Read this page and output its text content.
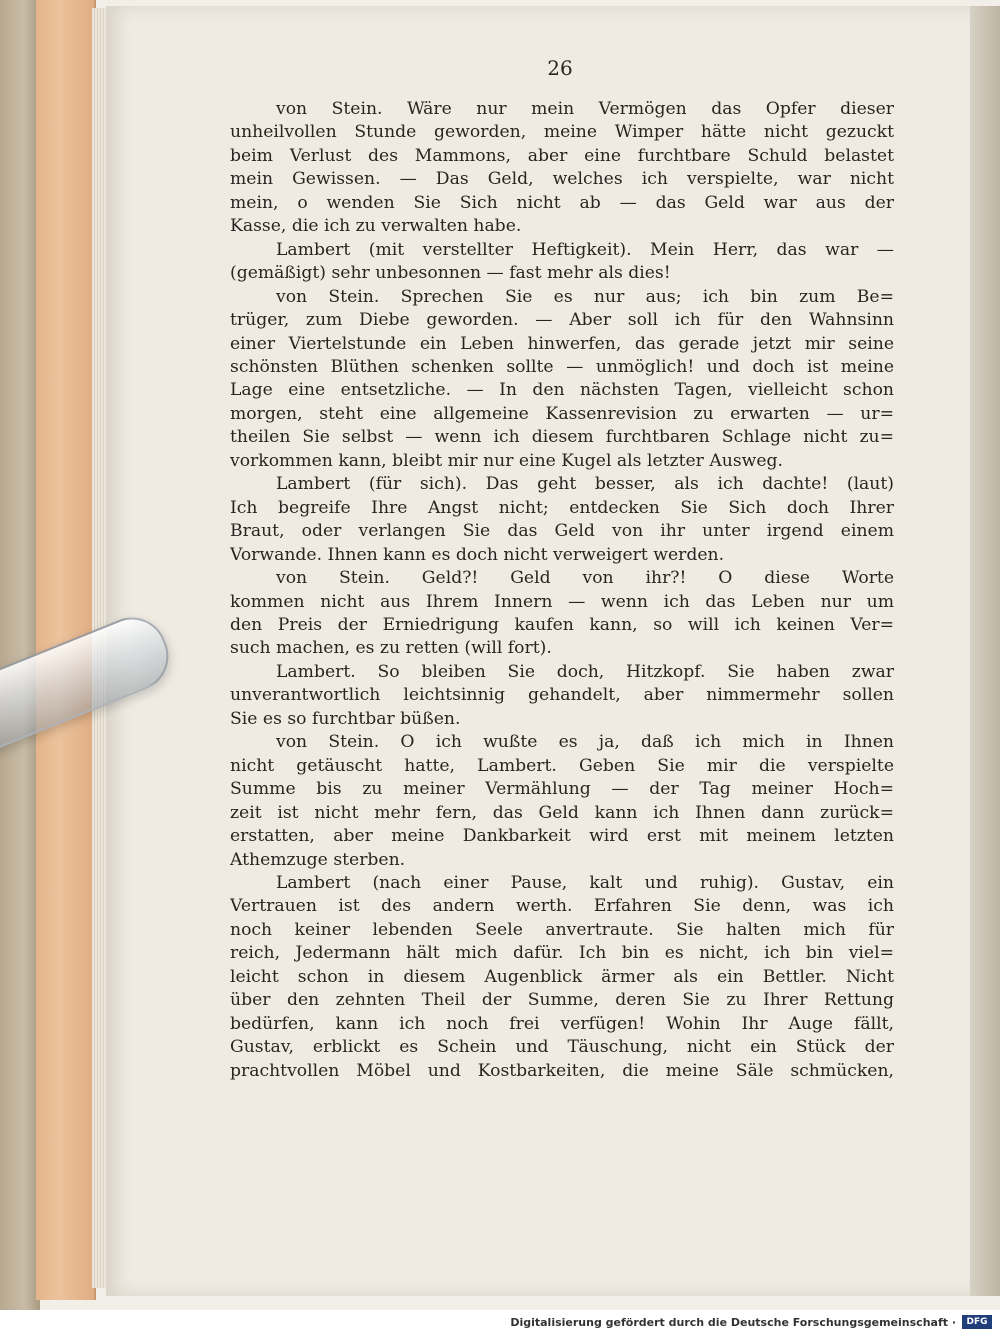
26
von Stein. Wäre nur mein Vermögen das Opfer dieser
unheilvollen Stunde geworden, meine Wimper hätte nicht gezuckt
beim Verlust des Mammons, aber eine furchtbare Schuld belastet
mein Gewissen. — Das Geld, welches ich verspielte, war nicht
mein, o wenden Sie Sich nicht ab — das Geld war aus der
Kasse, die ich zu verwalten habe.
Lambert (mit verstellter Heftigkeit). Mein Herr, das war —
(gemäßigt) sehr unbesonnen — fast mehr als dies!
von Stein. Sprechen Sie es nur aus; ich bin zum Be=
trüger, zum Diebe geworden. — Aber soll ich für den Wahnsinn
einer Viertelstunde ein Leben hinwerfen, das gerade jetzt mir seine
schönsten Blüthen schenken sollte — unmöglich! und doch ist meine
Lage eine entsetzliche. — In den nächsten Tagen, vielleicht schon
morgen, steht eine allgemeine Kassenrevision zu erwarten — ur=
theilen Sie selbst — wenn ich diesem furchtbaren Schlage nicht zu=
vorkommen kann, bleibt mir nur eine Kugel als letzter Ausweg.
Lambert (für sich). Das geht besser, als ich dachte! (laut)
Ich begreife Ihre Angst nicht; entdecken Sie Sich doch Ihrer
Braut, oder verlangen Sie das Geld von ihr unter irgend einem
Vorwande. Ihnen kann es doch nicht verweigert werden.
von Stein. Geld?! Geld von ihr?! O diese Worte
kommen nicht aus Ihrem Innern — wenn ich das Leben nur um
den Preis der Erniedrigung kaufen kann, so will ich keinen Ver=
such machen, es zu retten (will fort).
Lambert. So bleiben Sie doch, Hitzkopf. Sie haben zwar
unverantwortlich leichtsinnig gehandelt, aber nimmermehr sollen
Sie es so furchtbar büßen.
von Stein. O ich wußte es ja, daß ich mich in Ihnen
nicht getäuscht hatte, Lambert. Geben Sie mir die verspielte
Summe bis zu meiner Vermählung — der Tag meiner Hoch=
zeit ist nicht mehr fern, das Geld kann ich Ihnen dann zurück=
erstatten, aber meine Dankbarkeit wird erst mit meinem letzten
Athemzuge sterben.
Lambert (nach einer Pause, kalt und ruhig). Gustav, ein
Vertrauen ist des andern werth. Erfahren Sie denn, was ich
noch keiner lebenden Seele anvertraute. Sie halten mich für
reich, Jedermann hält mich dafür. Ich bin es nicht, ich bin viel=
leicht schon in diesem Augenblick ärmer als ein Bettler. Nicht
über den zehnten Theil der Summe, deren Sie zu Ihrer Rettung
bedürfen, kann ich noch frei verfügen! Wohin Ihr Auge fällt,
Gustav, erblickt es Schein und Täuschung, nicht ein Stück der
prachtvollen Möbel und Kostbarkeiten, die meine Säle schmücken,
Digitalisierung gefördert durch die Deutsche Forschungsgemeinschaft ·	DFG
